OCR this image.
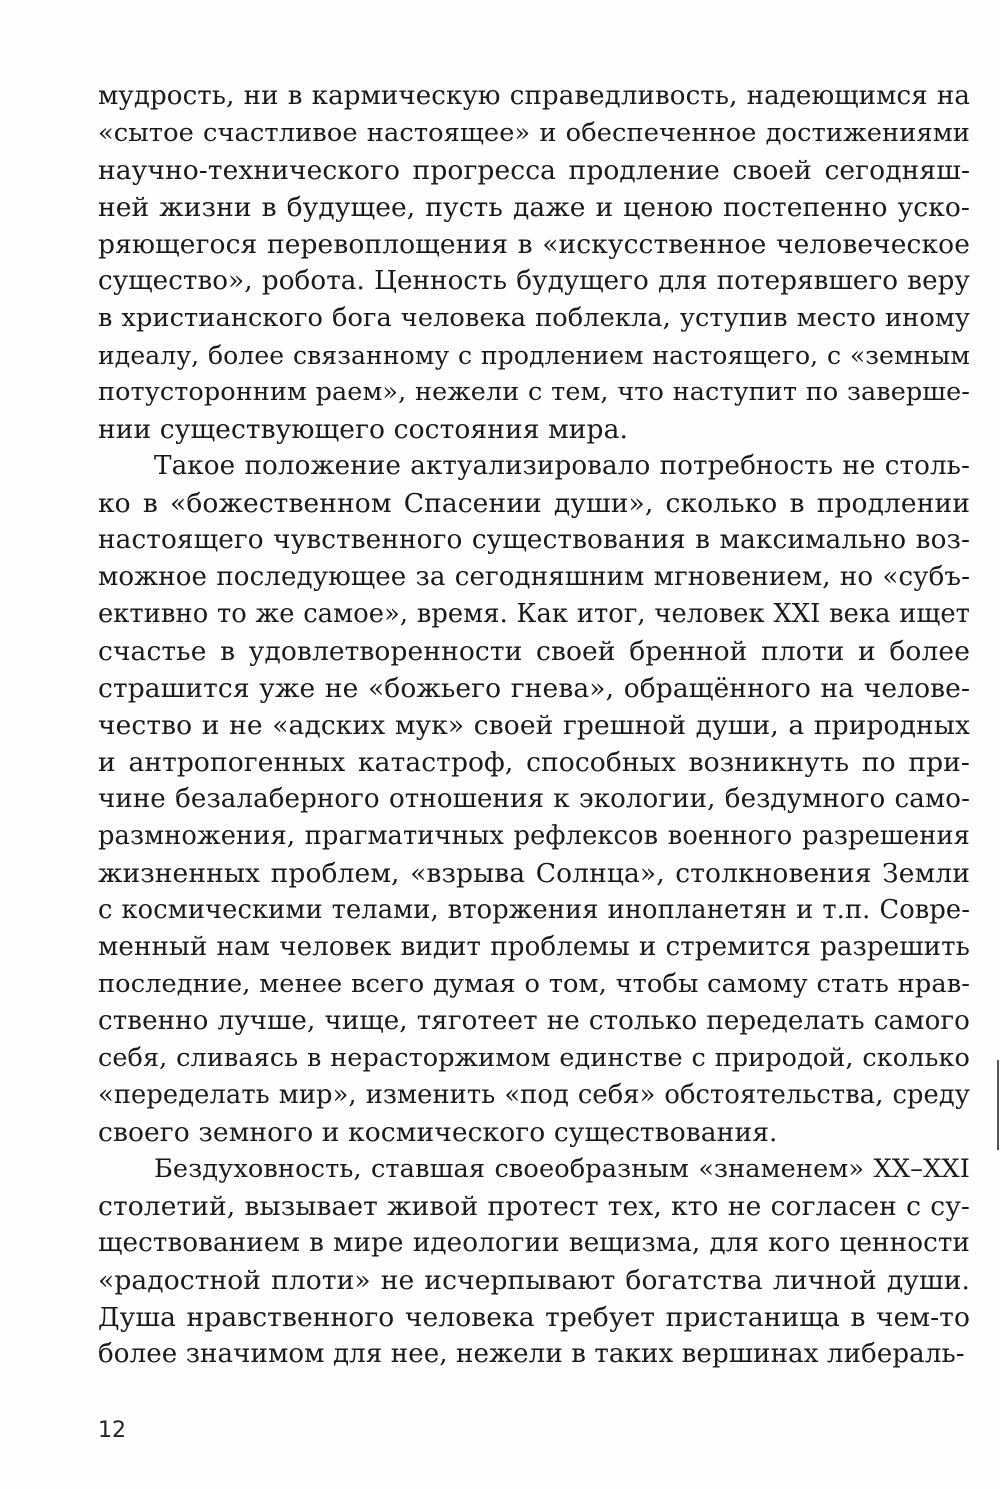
мудрость, ни в кармическую справедливость, надеющимся на
«сытое счастливое настоящее» и обеспеченное достижениями
научно-технического прогресса продление своей сегодняш-
ней жизни в будущее, пусть даже и ценою постепенно уско-
ряющегося перевоплощения в «искусственное человеческое
существо», робота. Ценность будущего для потерявшего веру
в христианского бога человека поблекла, уступив место иному
идеалу, более связанному с продлением настоящего, с «земным
потусторонним раем», нежели с тем, что наступит по заверше-
нии существующего состояния мира.
Такое положение актуализировало потребность не столь-
ко в «божественном Спасении души», сколько в продлении
настоящего чувственного существования в максимально воз-
можное последующее за сегодняшним мгновением, но «субъ-
ективно то же самое», время. Как итог, человек XXI века ищет
счастье в удовлетворенности своей бренной плоти и более
страшится уже не «божьего гнева», обращённого на челове-
чество и не «адских мук» своей грешной души, а природных
и антропогенных катастроф, способных возникнуть по при-
чине безалаберного отношения к экологии, бездумного само-
размножения, прагматичных рефлексов военного разрешения
жизненных проблем, «взрыва Солнца», столкновения Земли
с космическими телами, вторжения инопланетян и т.п. Совре-
менный нам человек видит проблемы и стремится разрешить
последние, менее всего думая о том, чтобы самому стать нрав-
ственно лучше, чище, тяготеет не столько переделать самого
себя, сливаясь в нерасторжимом единстве с природой, сколько
«переделать мир», изменить «под себя» обстоятельства, среду
своего земного и космического существования.
Бездуховность, ставшая своеобразным «знаменем» XX–XXI
столетий, вызывает живой протест тех, кто не согласен с су-
ществованием в мире идеологии вещизма, для кого ценности
«радостной плоти» не исчерпывают богатства личной души.
Душа нравственного человека требует пристанища в чем-то
более значимом для нее, нежели в таких вершинах либераль-
12
